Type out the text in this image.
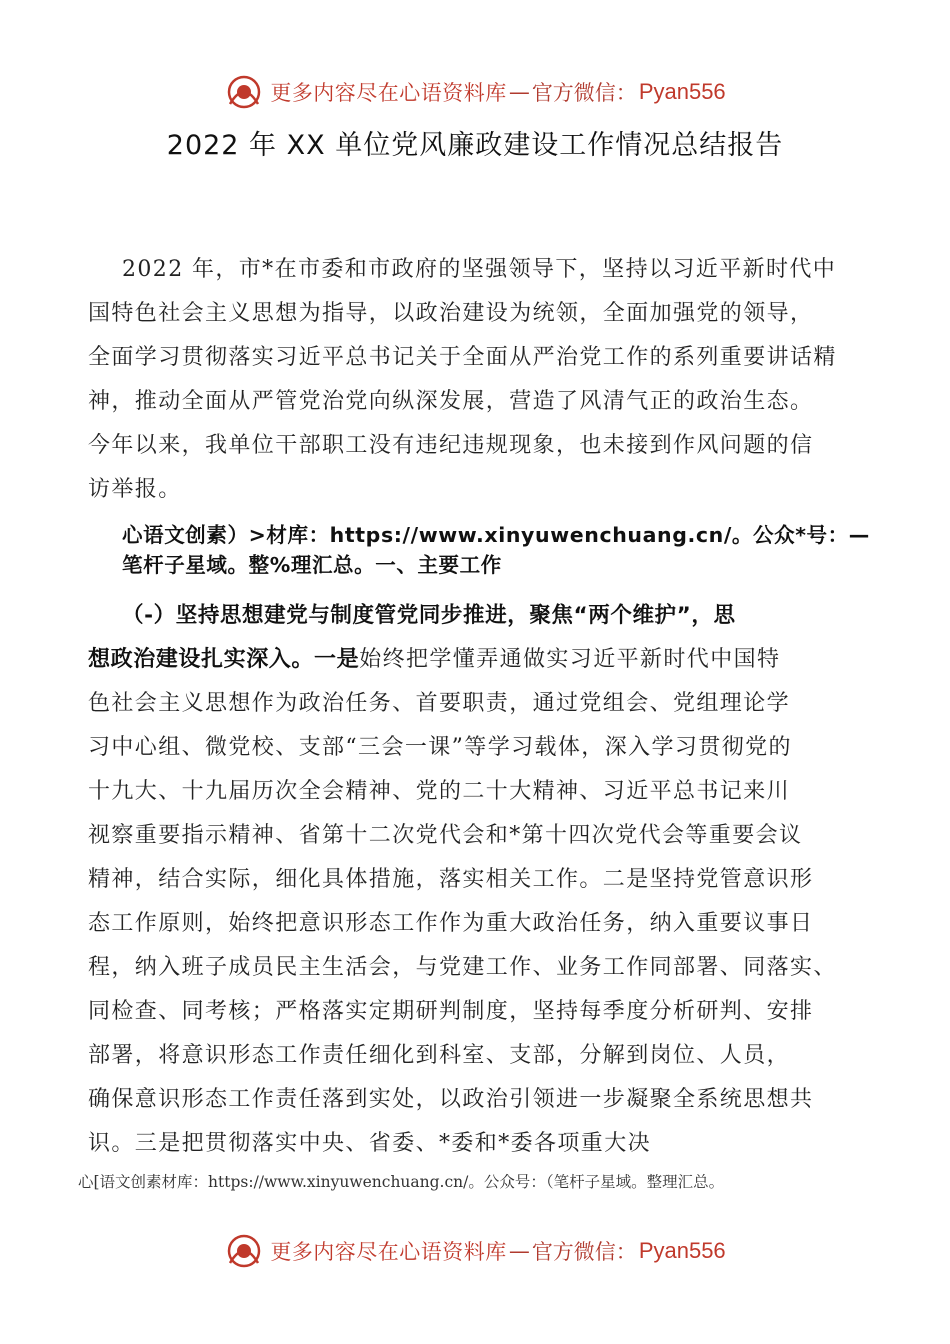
更多内容尽在心语资料库 — 官方微信： Pyan556
2022 年 XX 单位党风廉政建设工作情况总结报告
2022 年，市*在市委和市政府的坚强领导下，坚持以习近平新时代中
国特色社会主义思想为指导，以政治建设为统领，全面加强党的领导，
全面学习贯彻落实习近平总书记关于全面从严治党工作的系列重要讲话精
神，推动全面从严管党治党向纵深发展，营造了风清气正的政治生态。
今年以来，我单位干部职工没有违纪违规现象，也未接到作风问题的信
访举报。
心语文创素）>材库：https://www.xinyuwenchuang.cn/。公众*号：—
笔杆子星域。整%理汇总。一、主要工作
（-）坚持思想建党与制度管党同步推进，聚焦“两个维护”，思
想政治建设扎实深入。一是始终把学懂弄通做实习近平新时代中国特
色社会主义思想作为政治任务、首要职责，通过党组会、党组理论学
习中心组、微党校、支部“三会一课”等学习载体，深入学习贯彻党的
十九大、十九届历次全会精神、党的二十大精神、习近平总书记来川
视察重要指示精神、省第十二次党代会和*第十四次党代会等重要会议
精神，结合实际，细化具体措施，落实相关工作。二是坚持党管意识形
态工作原则，始终把意识形态工作作为重大政治任务，纳入重要议事日
程，纳入班子成员民主生活会，与党建工作、业务工作同部署、同落实、
同检查、同考核；严格落实定期研判制度，坚持每季度分析研判、安排
部署，将意识形态工作责任细化到科室、支部，分解到岗位、人员，
确保意识形态工作责任落到实处，以政治引领进一步凝聚全系统思想共
识。三是把贯彻落实中央、省委、*委和*委各项重大决
心[语文创素材库：https://www.xinyuwenchuang.cn/。公众号：（笔杆子星域。整理汇总。
更多内容尽在心语资料库 — 官方微信： Pyan556
